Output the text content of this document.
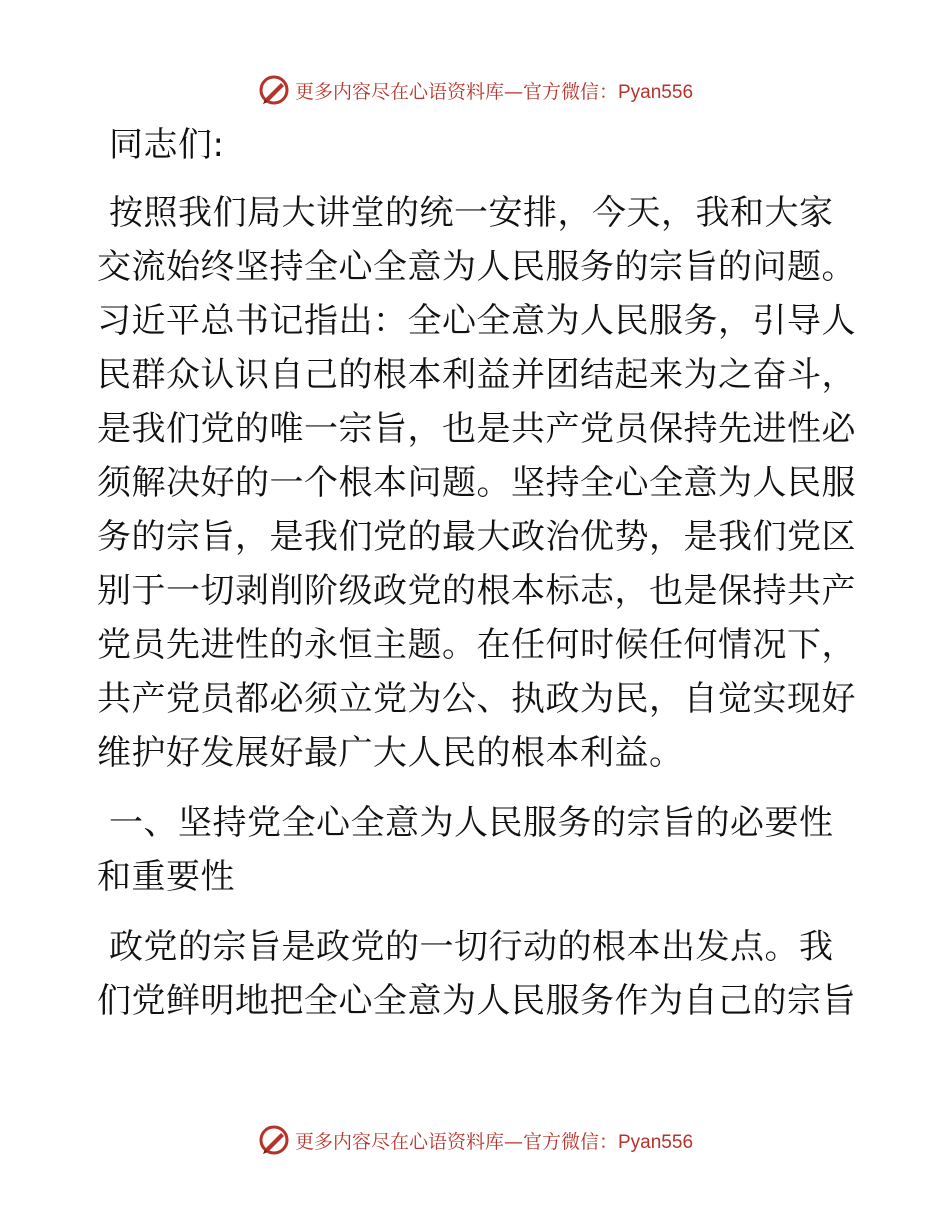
更多内容尽在心语资料库—官方微信：Pyan556

同志们:

按照我们局大讲堂的统一安排，今天，我和大家交流始终坚持全心全意为人民服务的宗旨的问题。习近平总书记指出：全心全意为人民服务，引导人民群众认识自己的根本利益并团结起来为之奋斗，是我们党的唯一宗旨，也是共产党员保持先进性必须解决好的一个根本问题。坚持全心全意为人民服务的宗旨，是我们党的最大政治优势，是我们党区别于一切剥削阶级政党的根本标志，也是保持共产党员先进性的永恒主题。在任何时候任何情况下，共产党员都必须立党为公、执政为民，自觉实现好维护好发展好最广大人民的根本利益。

一、坚持党全心全意为人民服务的宗旨的必要性和重要性

政党的宗旨是政党的一切行动的根本出发点。我们党鲜明地把全心全意为人民服务作为自己的宗旨

更多内容尽在心语资料库—官方微信：Pyan556
